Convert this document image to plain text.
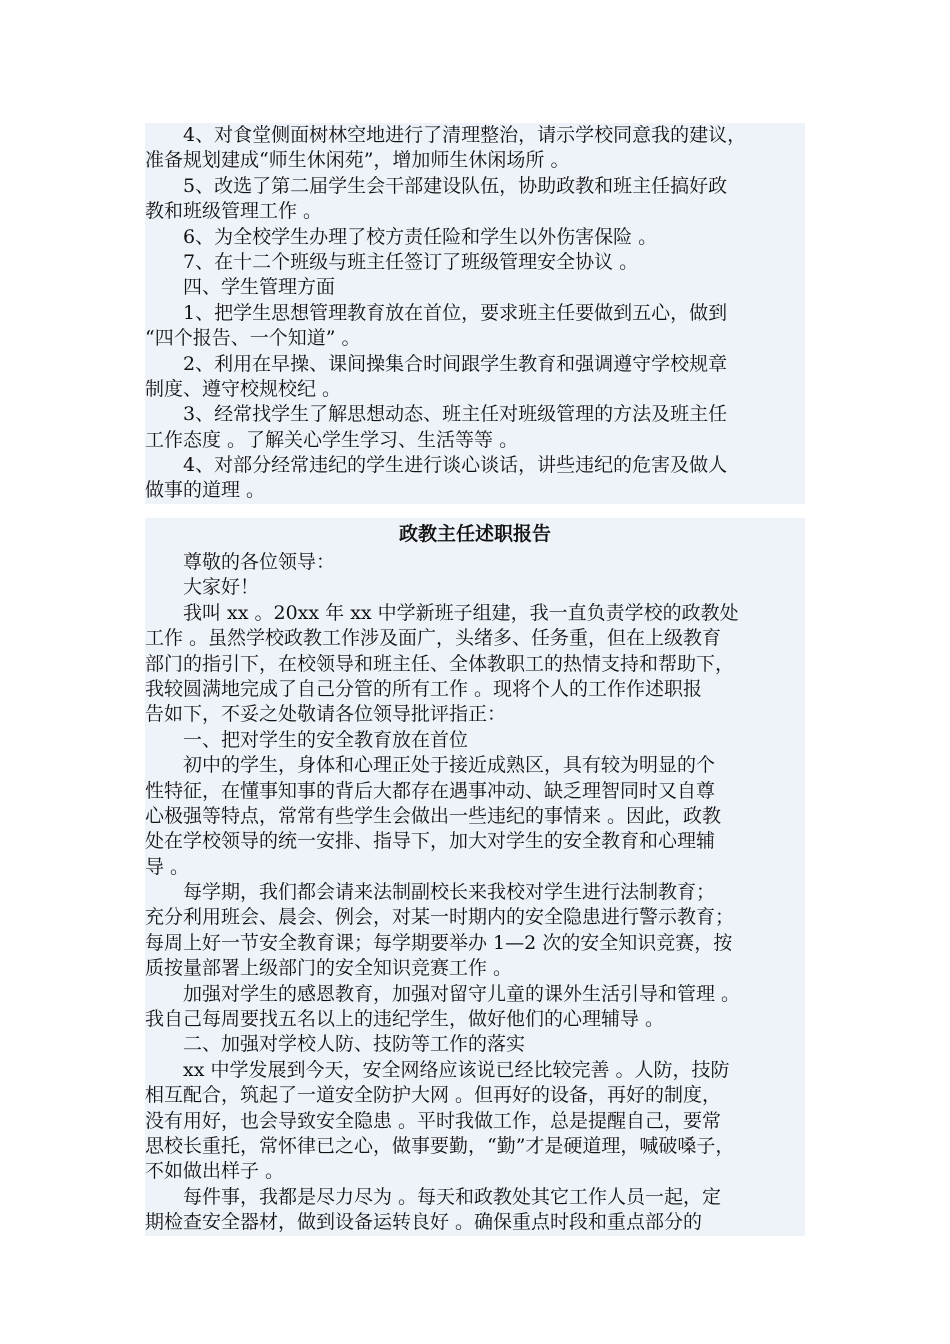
4、对食堂侧面树林空地进行了清理整治，请示学校同意我的建议，
准备规划建成“师生休闲苑”，增加师生休闲场所 。
5、改选了第二届学生会干部建设队伍，协助政教和班主任搞好政
教和班级管理工作 。
6、为全校学生办理了校方责任险和学生以外伤害保险 。
7、在十二个班级与班主任签订了班级管理安全协议 。
四、学生管理方面
1、把学生思想管理教育放在首位，要求班主任要做到五心，做到
“四个报告、一个知道” 。
2、利用在早操、课间操集合时间跟学生教育和强调遵守学校规章
制度、遵守校规校纪 。
3、经常找学生了解思想动态、班主任对班级管理的方法及班主任
工作态度 。了解关心学生学习、生活等等 。
4、对部分经常违纪的学生进行谈心谈话，讲些违纪的危害及做人
做事的道理 。
政教主任述职报告
尊敬的各位领导：
大家好！
我叫 xx 。20xx 年 xx 中学新班子组建，我一直负责学校的政教处
工作 。虽然学校政教工作涉及面广，头绪多、任务重，但在上级教育
部门的指引下，在校领导和班主任、全体教职工的热情支持和帮助下，
我较圆满地完成了自己分管的所有工作 。现将个人的工作作述职报
告如下，不妥之处敬请各位领导批评指正：
一、把对学生的安全教育放在首位
初中的学生，身体和心理正处于接近成熟区，具有较为明显的个
性特征，在懂事知事的背后大都存在遇事冲动、缺乏理智同时又自尊
心极强等特点，常常有些学生会做出一些违纪的事情来 。因此，政教
处在学校领导的统一安排、指导下，加大对学生的安全教育和心理辅
导 。
每学期，我们都会请来法制副校长来我校对学生进行法制教育；
充分利用班会、晨会、例会，对某一时期内的安全隐患进行警示教育；
每周上好一节安全教育课；每学期要举办 1—2 次的安全知识竞赛，按
质按量部署上级部门的安全知识竞赛工作 。
加强对学生的感恩教育，加强对留守儿童的课外生活引导和管理 。
我自己每周要找五名以上的违纪学生，做好他们的心理辅导 。
二、加强对学校人防、技防等工作的落实
xx 中学发展到今天，安全网络应该说已经比较完善 。人防，技防
相互配合，筑起了一道安全防护大网 。但再好的设备，再好的制度，
没有用好，也会导致安全隐患 。平时我做工作，总是提醒自己，要常
思校长重托，常怀律已之心，做事要勤，“勤”才是硬道理，喊破嗓子，
不如做出样子 。
每件事，我都是尽力尽为 。每天和政教处其它工作人员一起，定
期检查安全器材，做到设备运转良好 。确保重点时段和重点部分的
